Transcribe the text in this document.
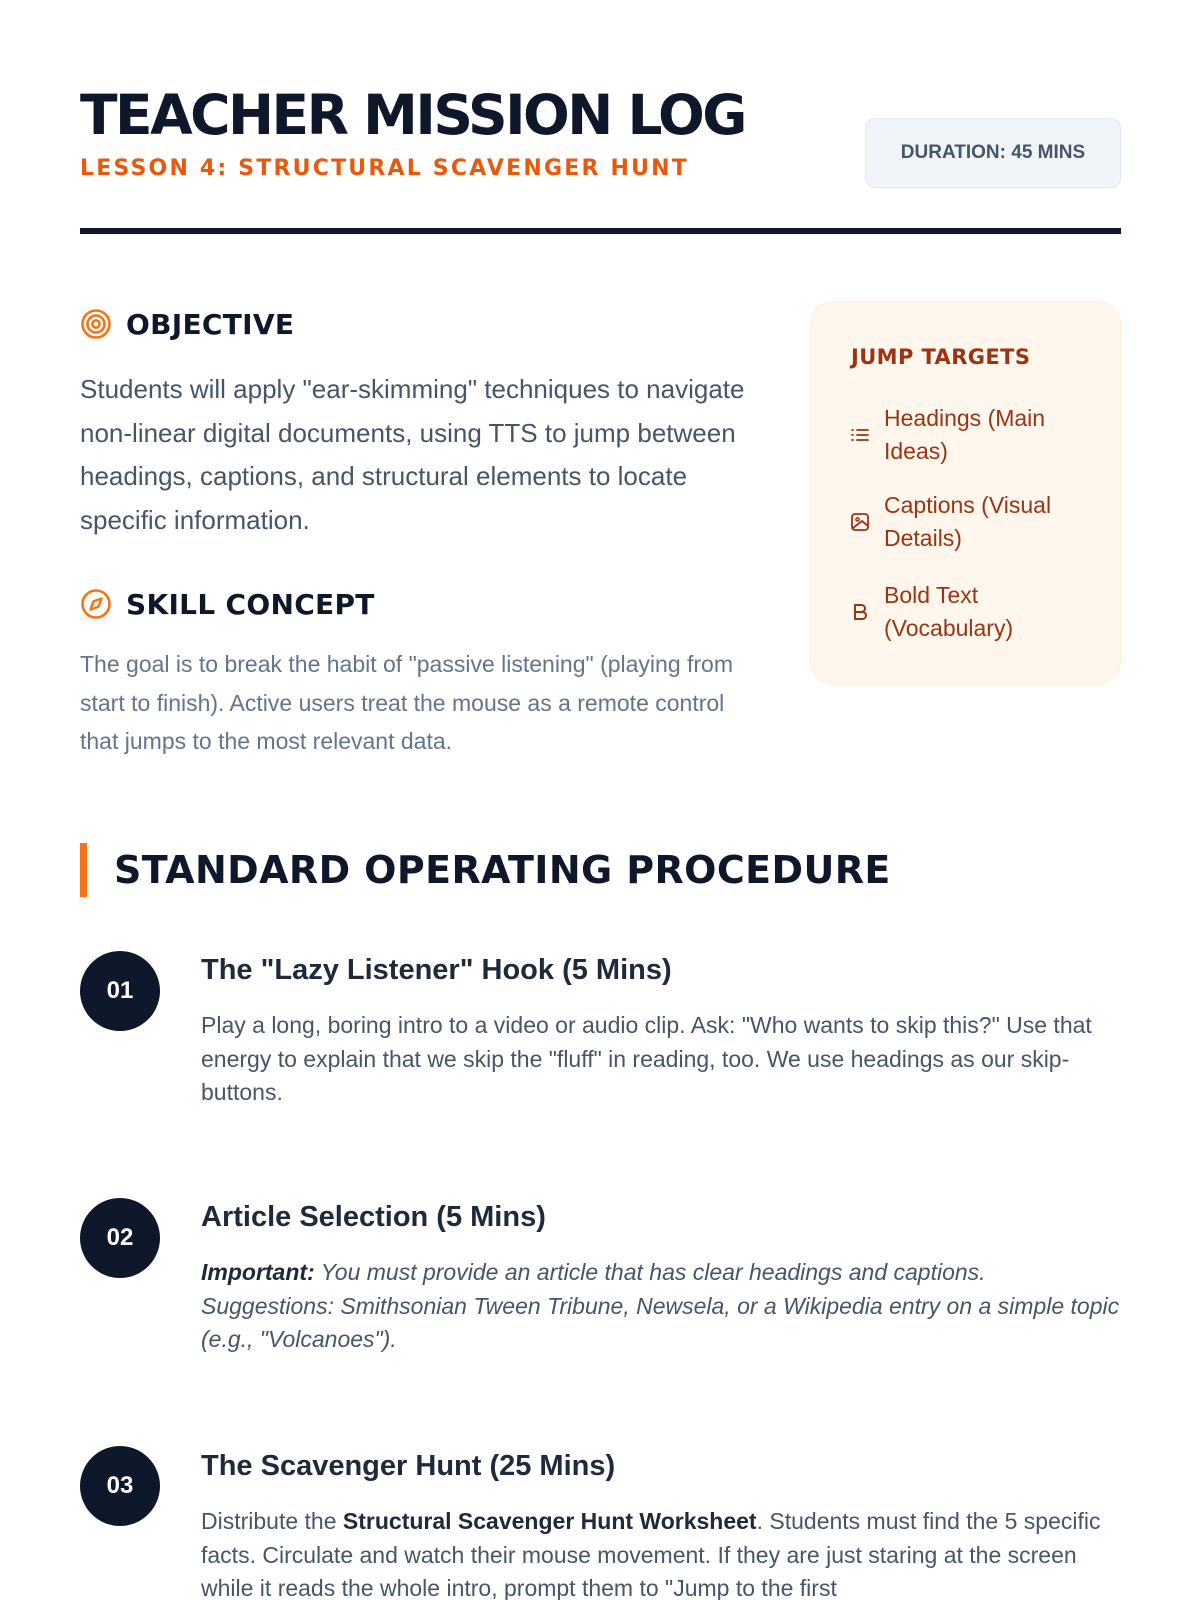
TEACHER MISSION LOG
LESSON 4: STRUCTURAL SCAVENGER HUNT
DURATION: 45 MINS
OBJECTIVE

Students will apply "ear-skimming" techniques to navigate non-linear digital documents, using TTS to jump between headings, captions, and structural elements to locate specific information.

SKILL CONCEPT

The goal is to break the habit of "passive listening" (playing from start to finish). Active users treat the mouse as a remote control that jumps to the most relevant data.

JUMP TARGETS
Headings (Main Ideas)
Captions (Visual Details)
Bold Text (Vocabulary)
STANDARD OPERATING PROCEDURE
01
The "Lazy Listener" Hook (5 Mins)

Play a long, boring intro to a video or audio clip. Ask: "Who wants to skip this?" Use that energy to explain that we skip the "fluff" in reading, too. We use headings as our skip-buttons.

02
Article Selection (5 Mins)

Important: You must provide an article that has clear headings and captions. Suggestions: Smithsonian Tween Tribune, Newsela, or a Wikipedia entry on a simple topic (e.g., "Volcanoes").

03
The Scavenger Hunt (25 Mins)

Distribute the Structural Scavenger Hunt Worksheet. Students must find the 5 specific facts. Circulate and watch their mouse movement. If they are just staring at the screen while it reads the whole intro, prompt them to "Jump to the first
